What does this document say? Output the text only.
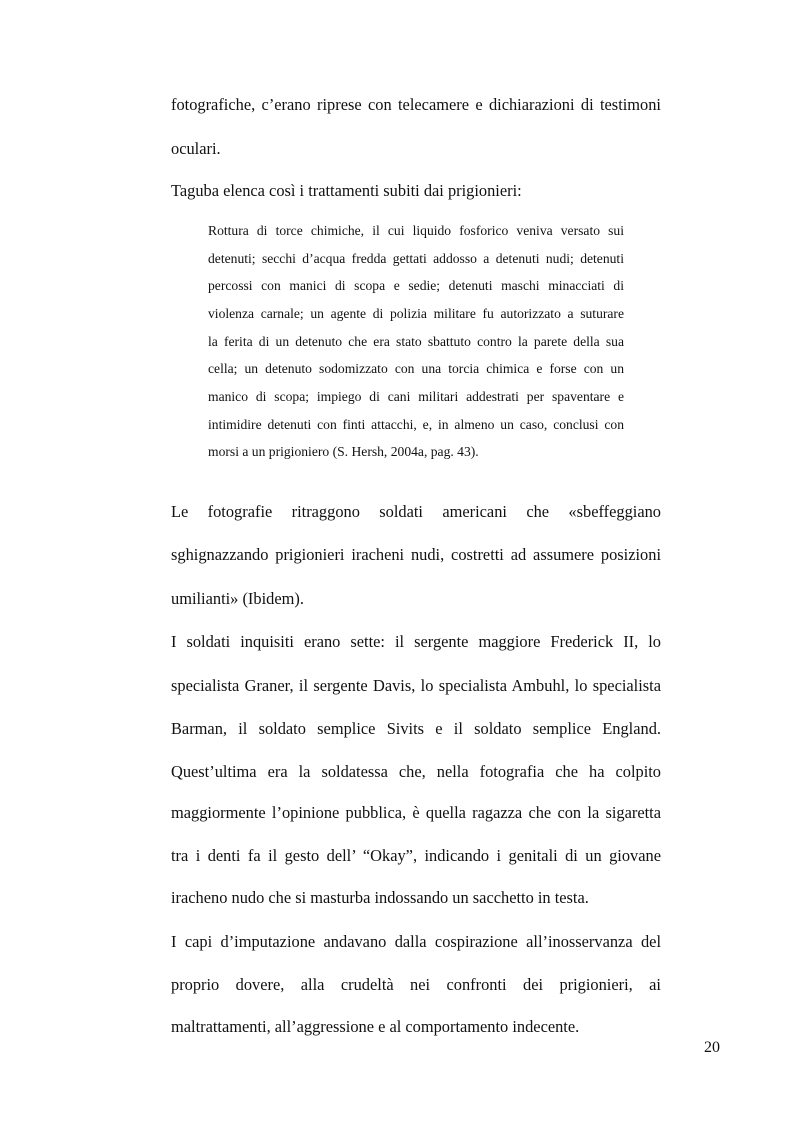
fotografiche, c’erano riprese con telecamere e dichiarazioni di testimoni

oculari.

Taguba elenca così i trattamenti subiti dai prigionieri:

Rottura di torce chimiche, il cui liquido fosforico veniva versato sui

detenuti; secchi d’acqua fredda gettati addosso a detenuti nudi; detenuti

percossi con manici di scopa e sedie; detenuti maschi minacciati di

violenza carnale; un agente di polizia militare fu autorizzato a suturare

la ferita di un detenuto che era stato sbattuto contro la parete della sua

cella; un detenuto sodomizzato con una torcia chimica e forse con un

manico di scopa; impiego di cani militari addestrati per spaventare e

intimidire detenuti con finti attacchi, e, in almeno un caso, conclusi con

morsi a un prigioniero (S. Hersh, 2004a, pag. 43).

Le fotografie ritraggono soldati americani che «sbeffeggiano

sghignazzando prigionieri iracheni nudi, costretti ad assumere posizioni

umilianti» (Ibidem).

I soldati inquisiti erano sette: il sergente maggiore Frederick II, lo

specialista Graner, il sergente Davis, lo specialista Ambuhl, lo specialista

Barman, il soldato semplice Sivits e il soldato semplice England.

Quest’ultima era la soldatessa che, nella fotografia che ha colpito

maggiormente l’opinione pubblica, è quella ragazza che con la sigaretta

tra i denti fa il gesto dell’ “Okay”, indicando i genitali di un giovane

iracheno nudo che si masturba indossando un sacchetto in testa.

I capi d’imputazione andavano dalla cospirazione all’inosservanza del

proprio dovere, alla crudeltà nei confronti dei prigionieri, ai

maltrattamenti, all’aggressione e al comportamento indecente.

20
